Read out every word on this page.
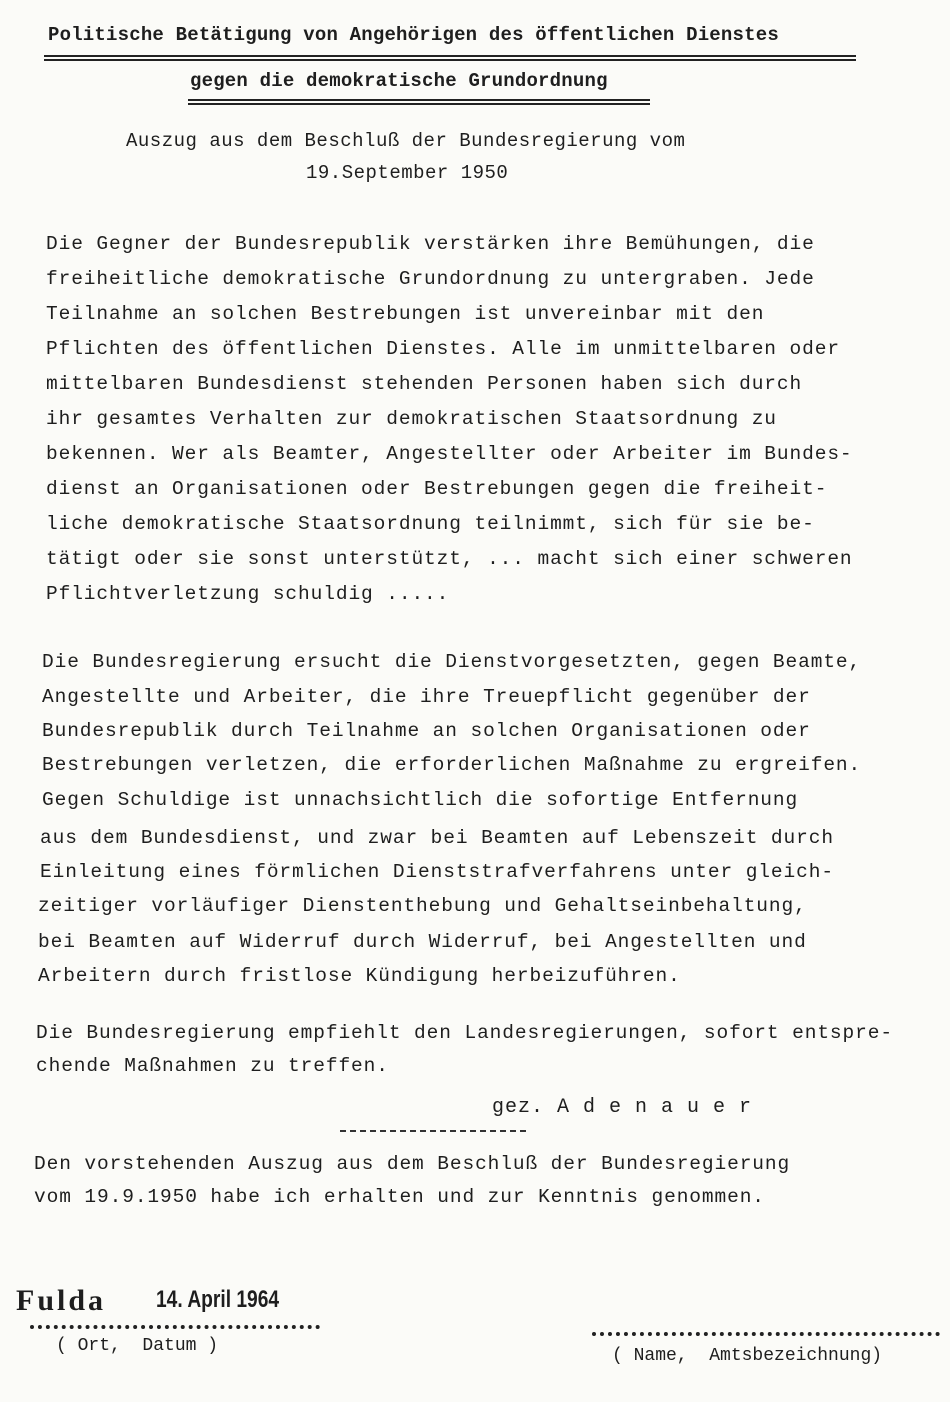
Politische Betätigung von Angehörigen des öffentlichen Dienstes
gegen die demokratische Grundordnung
Auszug aus dem Beschluß der Bundesregierung vom
19.September 1950
Die Gegner der Bundesrepublik verstärken ihre Bemühungen, die
freiheitliche demokratische Grundordnung zu untergraben. Jede
Teilnahme an solchen Bestrebungen ist unvereinbar mit den
Pflichten des öffentlichen Dienstes. Alle im unmittelbaren oder
mittelbaren Bundesdienst stehenden Personen haben sich durch
ihr gesamtes Verhalten zur demokratischen Staatsordnung zu
bekennen. Wer als Beamter, Angestellter oder Arbeiter im Bundes-
dienst an Organisationen oder Bestrebungen gegen die freiheit-
liche demokratische Staatsordnung teilnimmt, sich für sie be-
tätigt oder sie sonst unterstützt, ... macht sich einer schweren
Pflichtverletzung schuldig .....
Die Bundesregierung ersucht die Dienstvorgesetzten, gegen Beamte,
Angestellte und Arbeiter, die ihre Treuepflicht gegenüber der
Bundesrepublik durch Teilnahme an solchen Organisationen oder
Bestrebungen verletzen, die erforderlichen Maßnahme zu ergreifen.
Gegen Schuldige ist unnachsichtlich die sofortige Entfernung
aus dem Bundesdienst, und zwar bei Beamten auf Lebenszeit durch
Einleitung eines förmlichen Dienststrafverfahrens unter gleich-
zeitiger vorläufiger Dienstenthebung und Gehaltseinbehaltung,
bei Beamten auf Widerruf durch Widerruf, bei Angestellten und
Arbeitern durch fristlose Kündigung herbeizuführen.
Die Bundesregierung empfiehlt den Landesregierungen, sofort entspre-
chende Maßnahmen zu treffen.
gez. A d e n a u e r
Den vorstehenden Auszug aus dem Beschluß der Bundesregierung
vom 19.9.1950 habe ich erhalten und zur Kenntnis genommen.
Fulda 14. April 1964
( Ort,  Datum )	( Name,  Amtsbezeichnung)
